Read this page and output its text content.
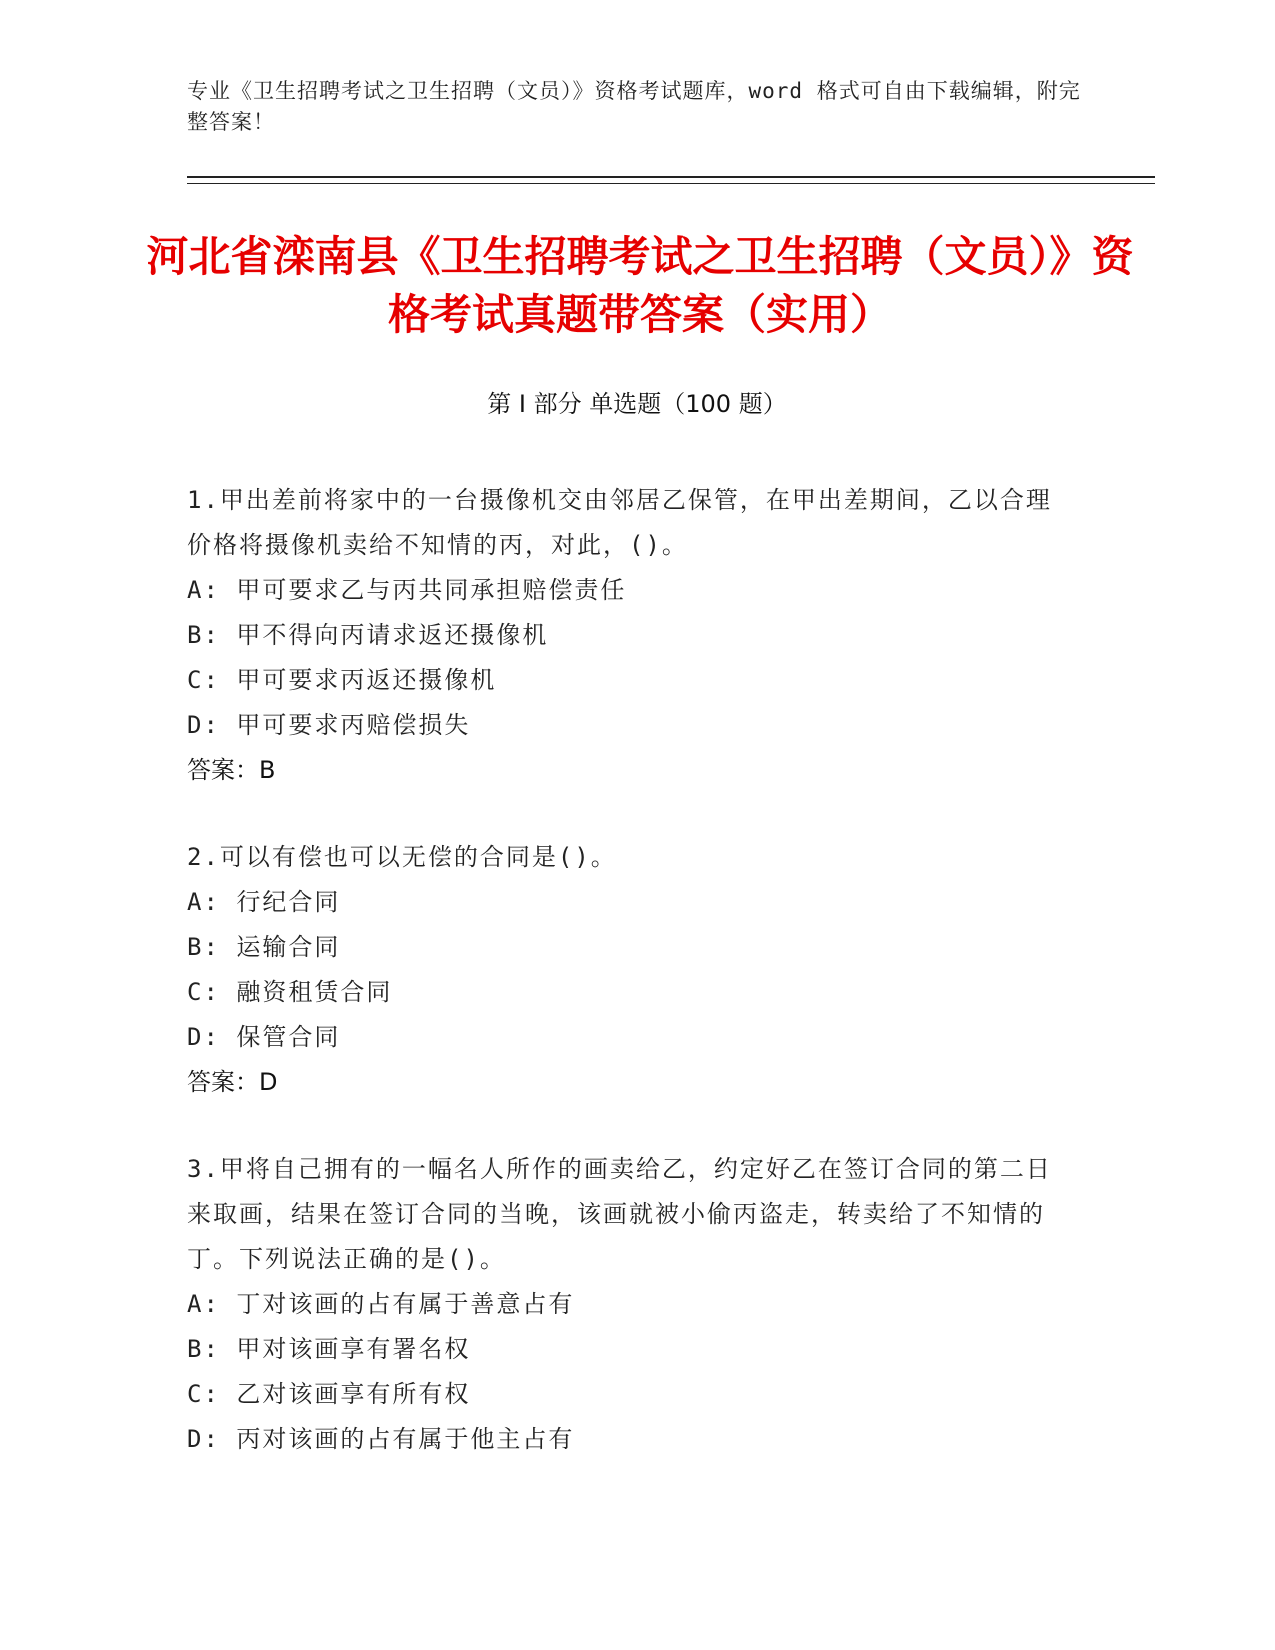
专业《卫生招聘考试之卫生招聘（文员）》资格考试题库，word 格式可自由下载编辑，附完整答案！
河北省滦南县《卫生招聘考试之卫生招聘（文员）》资格考试真题带答案（实用）
第 I 部分 单选题（100 题）
1.甲出差前将家中的一台摄像机交由邻居乙保管，在甲出差期间，乙以合理价格将摄像机卖给不知情的丙，对此，()。
A: 甲可要求乙与丙共同承担赔偿责任
B: 甲不得向丙请求返还摄像机
C: 甲可要求丙返还摄像机
D: 甲可要求丙赔偿损失
答案：B
2.可以有偿也可以无偿的合同是()。
A: 行纪合同
B: 运输合同
C: 融资租赁合同
D: 保管合同
答案：D
3.甲将自己拥有的一幅名人所作的画卖给乙，约定好乙在签订合同的第二日来取画，结果在签订合同的当晚，该画就被小偷丙盗走，转卖给了不知情的丁。下列说法正确的是()。
A: 丁对该画的占有属于善意占有
B: 甲对该画享有署名权
C: 乙对该画享有所有权
D: 丙对该画的占有属于他主占有
